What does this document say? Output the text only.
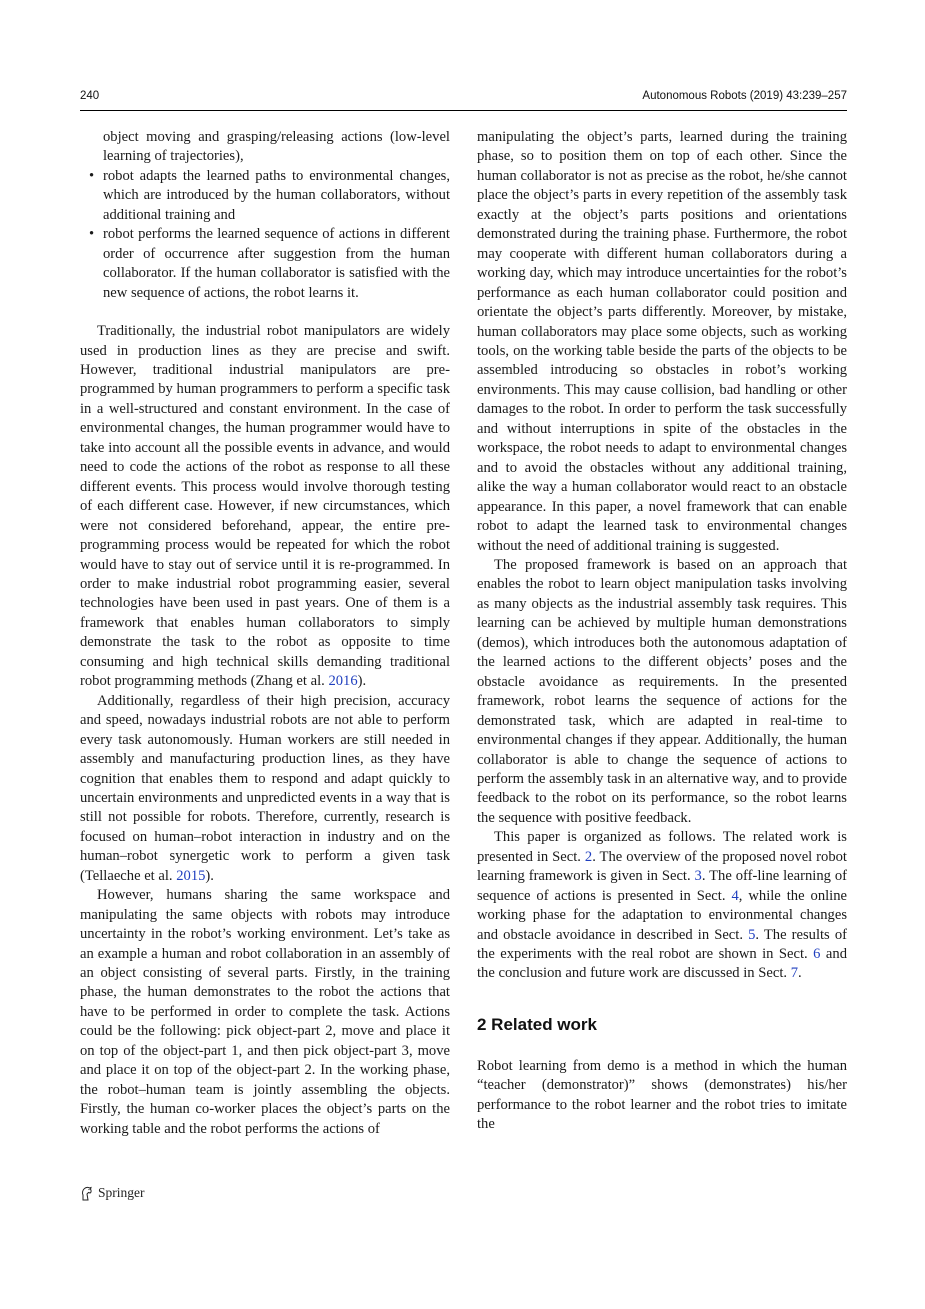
240	Autonomous Robots (2019) 43:239–257
object moving and grasping/releasing actions (low-level learning of trajectories),
• robot adapts the learned paths to environmental changes, which are introduced by the human collaborators, without additional training and
• robot performs the learned sequence of actions in different order of occurrence after suggestion from the human collaborator. If the human collaborator is satisfied with the new sequence of actions, the robot learns it.

Traditionally, the industrial robot manipulators are widely used in production lines as they are precise and swift. However, traditional industrial manipulators are pre-programmed by human programmers to perform a specific task in a well-structured and constant environment. In the case of environmental changes, the human programmer would have to take into account all the possible events in advance, and would need to code the actions of the robot as response to all these different events. This process would involve thorough testing of each different case. However, if new circumstances, which were not considered beforehand, appear, the entire pre-programming process would be repeated for which the robot would have to stay out of service until it is re-programmed. In order to make industrial robot programming easier, several technologies have been used in past years. One of them is a framework that enables human collaborators to simply demonstrate the task to the robot as opposite to time consuming and high technical skills demanding traditional robot programming methods (Zhang et al. 2016).

Additionally, regardless of their high precision, accuracy and speed, nowadays industrial robots are not able to perform every task autonomously. Human workers are still needed in assembly and manufacturing production lines, as they have cognition that enables them to respond and adapt quickly to uncertain environments and unpredicted events in a way that is still not possible for robots. Therefore, currently, research is focused on human–robot interaction in industry and on the human–robot synergetic work to perform a given task (Tellaeche et al. 2015).

However, humans sharing the same workspace and manipulating the same objects with robots may introduce uncertainty in the robot’s working environment. Let’s take as an example a human and robot collaboration in an assembly of an object consisting of several parts. Firstly, in the training phase, the human demonstrates to the robot the actions that have to be performed in order to complete the task. Actions could be the following: pick object-part 2, move and place it on top of the object-part 1, and then pick object-part 3, move and place it on top of the object-part 2. In the working phase, the robot–human team is jointly assembling the objects. Firstly, the human co-worker places the object’s parts on the working table and the robot performs the actions of

manipulating the object’s parts, learned during the training phase, so to position them on top of each other. Since the human collaborator is not as precise as the robot, he/she cannot place the object’s parts in every repetition of the assembly task exactly at the object’s parts positions and orientations demonstrated during the training phase. Furthermore, the robot may cooperate with different human collaborators during a working day, which may introduce uncertainties for the robot’s performance as each human collaborator could position and orientate the object’s parts differently. Moreover, by mistake, human collaborators may place some objects, such as working tools, on the working table beside the parts of the objects to be assembled introducing so obstacles in robot’s working environments. This may cause collision, bad handling or other damages to the robot. In order to perform the task successfully and without interruptions in spite of the obstacles in the workspace, the robot needs to adapt to environmental changes and to avoid the obstacles without any additional training, alike the way a human collaborator would react to an obstacle appearance. In this paper, a novel framework that can enable robot to adapt the learned task to environmental changes without the need of additional training is suggested.

The proposed framework is based on an approach that enables the robot to learn object manipulation tasks involving as many objects as the industrial assembly task requires. This learning can be achieved by multiple human demonstrations (demos), which introduces both the autonomous adaptation of the learned actions to the different objects’ poses and the obstacle avoidance as requirements. In the presented framework, robot learns the sequence of actions for the demonstrated task, which are adapted in real-time to environmental changes if they appear. Additionally, the human collaborator is able to change the sequence of actions to perform the assembly task in an alternative way, and to provide feedback to the robot on its performance, so the robot learns the sequence with positive feedback.

This paper is organized as follows. The related work is presented in Sect. 2. The overview of the proposed novel robot learning framework is given in Sect. 3. The off-line learning of sequence of actions is presented in Sect. 4, while the online working phase for the adaptation to environmental changes and obstacle avoidance in described in Sect. 5. The results of the experiments with the real robot are shown in Sect. 6 and the conclusion and future work are discussed in Sect. 7.

2 Related work

Robot learning from demo is a method in which the human “teacher (demonstrator)” shows (demonstrates) his/her performance to the robot learner and the robot tries to imitate the

Springer
